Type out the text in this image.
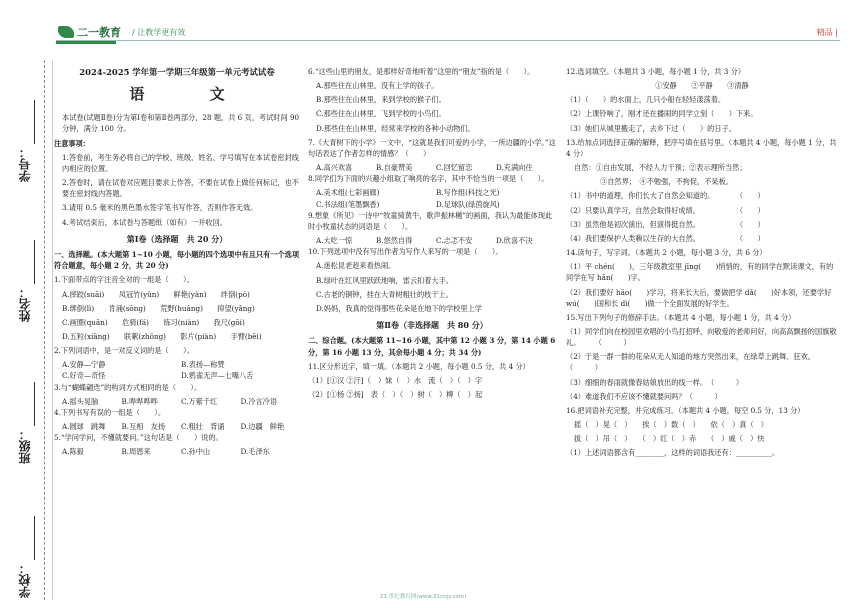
二一教育 / 让教学更有效	精品 |
学号：
姓名：
班级：
学校：
2024-2025 学年第一学期三年级第一单元考试试卷
语 文

本试卷(试题Ⅱ卷)分为第Ⅰ卷和第Ⅱ卷两部分，28 题，共 6 页，考试时间 90 分钟，满分 100 分。

注意事项：

1.答卷前，考生务必将自己的学校、班级、姓名、学号填写在本试卷密封线内相应的位置。

2.答卷时，请在试卷对应题目要求上作答，不要在试卷上做任何标记，也不要在密封线内答题。

3.请用 0.5 毫米的黑色墨水签字笔书写作答，否则作答无效。

4.考试结束后，本试卷与答题纸（如有）一并收回。

第Ⅰ卷（选择题　共 20 分）

一、选择题。(本大题第 1~10 小题，每小题的四个选项中有且只有一个选项符合题意，每小题 2 分，共 20 分)

1.下面带点的字注音全对的一组是（　　）。

A.摔跤(suāi)　　凤冠竹(yǔn)　　鲜艳(yàn)　　绊倒(pò)

B.绑倒(lì)　　肯涌(sōng)　　荒野(huāng)　　抑望(yǎng)

C.画圈(quān)　　危骑(fá)　　练习(niàn)　　我尺(gōi)

D.五粒(xiāng)　　联絮(zhōng)　　影片(piàn)　　手臂(bēi)

2.下列词语中，是一对反义词的是（　　）。

A.安静—宁静	B.表扬—称赞
C.好奇—奇怪	D.鸦雀无声—七嘴八舌

3.与“蝴蝶翩迭”的构词方式相同的是（　　）。

A.摇头晃脑	B.哗哗哗哗	C.万紫千红	D.冷言冷语

4.下列书写有误的一组是（　　）。

A.圆球　跳舞	B.互相　友扬	C.粗壮　背诵	D.边疆　鲜艳

5.“学问学问，不懂就要问。”这句话是（　　）说的。

A.陈毅	B.周恩来	C.孙中山	D.毛泽东

6.“这些山里的朋友，是那样好奇地听着”这里的“朋友”指的是（　　）。

A.那些住在山林里，没有上学的孩子。

B.那些住在山林里，来到学校的猴子们。

C.那些住在山林里，飞到学校的小鸟们。

D.那些住在山林里，经常来学校的各种小动物们。

7.《大青树下的小学》一文中，“这就是我们可爱的小学，一所边疆的小学。”这句话表达了作者怎样的情感？（　　）

A.高兴欢喜	B.自豪赞美	C.回忆留恋	D.充满向往

8.同学们为下面的兴趣小组取了响亮的名字，其中不恰当的一项是（　　）。

A.美术组(七彩画廊)	B.写作组(科技之光)
C.书法组(笔墨飘香)	D.足球队(绿茵旋风)

9.想象《所见》一诗中“牧童骑黄牛，歌声振林樾”的画面，我认为最能体现此时小牧童状态的词语是（　　）。

A.大吃一惊	B.悠然自得	C.忐忑不安	D.欣喜不决

10.下列选项中没有写出作者为写作人来写的一项是（　　）。

A.迷松昆老趁来看热闹。

B.绿叶在红风里跃跃地响，雷云扣着大手。

C.古老的铜钟，挂在大青树粗壮的枝干上。

D.妈妈，我真的觉得那些花朵是在地下的学校里上学

第Ⅱ卷（非选择题　共 80 分）

二、综合题。(本大题第 11~16 小题，其中第 12 小题 3 分，第 14 小题 6 分，第 16 小题 13 分，其余每小题 4 分；共 34 分)

11.区分形近字，填一填。（本题共 2 小题，每小题 0.5 分，共 4 分）

（1）[①汉 ②汗]（　）妹（　）水　流（　）（　）字

（2）[①杨 ②扬]　表（　）（　）树（　）柳（　）起

12.选词填空。（本题共 3 小题，每小题 1 分，共 3 分）

①安静　　②平静　　③清静

（1）（　　）的水面上，几只小船在轻轻漾荡着。

（2）上课铃响了，刚才还在播闹的同学立刻（　　）下来。

（3）她们从城里搬走了，去乡下过（　　）的日子。

13.给加点词选择正确的解释，把序号填在括号里。（本题共 4 小题，每小题 1 分，共 4 分）

自然：①自由发展，不经人力干预；②表示理所当然；

③自然界；　④不勉强，不拘促，不呆板。

（1）书中的道理，你们长大了自然会知道的。　　　　（　　）

（2）只要认真学习，自然会取得好成绩。　　　　　　（　　）

（3）虽然他是初次演出，但演得挺自然。　　　　　　（　　）

（4）我们要保护人类赖以生存的大自然。　　　　　　（　　）

14.读句子，写字词。（本题共 2 小题，每小题 3 分，共 6 分）

（1）平 chén(　　)，三年级教室里 jīng(　　)悄悄的，有的同学在默读课文，有的同学在写 hǎn(　　)字。

（2）我们要好 hāo(　　)学习，将来长大后，要做把学 dǎ(　　)好本领，还要学好 wú(　　)国和长 dì(　　)做一个全面发展的好学生。

15.写出下列句子的修辞手法。（本题共 4 小题，每小题 1 分，共 4 分）

（1）同学们向在校园里欢唱的小鸟打招呼，向敬爱的老师问好，向高高飘扬的国旗敬礼。　　　（　　　）

（2）于是一群一群的花朵从无人知道的地方突然出来，在绿草上跳舞、狂欢。（　　　）

（3）细细的春雨就像春姑娘放出的线一样。　（　　　）

（4）难道我们不应该不懂就要问吗？（　　　）

16.把词语补充完整，并完成练习。（本题共 4 小题，每空 0.5 分，13 分）

摇（　）晃（　）　　挨（　）数（　）　　依（　）真（　）

拔（　）吊（　）　　（　）红（　）赤　　（　）戚（　）快

（1）上述词语都含有________，这样的词语我还有：__________。

21 世纪教育网(www.21cnjy.com)
